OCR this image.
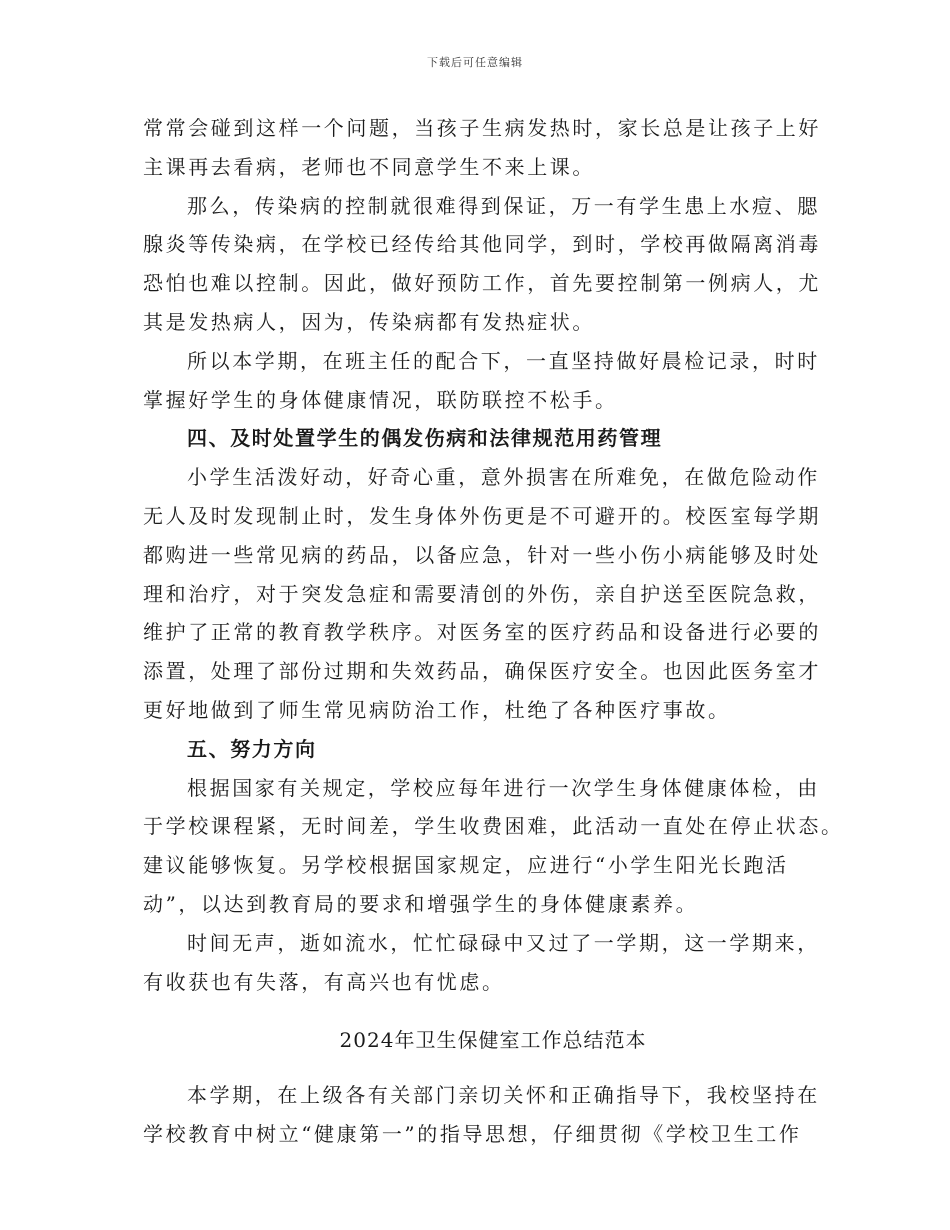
下载后可任意编辑
常常会碰到这样一个问题，当孩子生病发热时，家长总是让孩子上好
主课再去看病，老师也不同意学生不来上课。
那么，传染病的控制就很难得到保证，万一有学生患上水痘、腮
腺炎等传染病，在学校已经传给其他同学，到时，学校再做隔离消毒
恐怕也难以控制。因此，做好预防工作，首先要控制第一例病人，尤
其是发热病人，因为，传染病都有发热症状。
所以本学期，在班主任的配合下，一直坚持做好晨检记录，时时
掌握好学生的身体健康情况，联防联控不松手。
四、及时处置学生的偶发伤病和法律规范用药管理
小学生活泼好动，好奇心重，意外损害在所难免，在做危险动作
无人及时发现制止时，发生身体外伤更是不可避开的。校医室每学期
都购进一些常见病的药品，以备应急，针对一些小伤小病能够及时处
理和治疗，对于突发急症和需要清创的外伤，亲自护送至医院急救，
维护了正常的教育教学秩序。对医务室的医疗药品和设备进行必要的
添置，处理了部份过期和失效药品，确保医疗安全。也因此医务室才
更好地做到了师生常见病防治工作，杜绝了各种医疗事故。
五、努力方向
根据国家有关规定，学校应每年进行一次学生身体健康体检，由
于学校课程紧，无时间差，学生收费困难，此活动一直处在停止状态。
建议能够恢复。另学校根据国家规定，应进行“小学生阳光长跑活
动”，以达到教育局的要求和增强学生的身体健康素养。
时间无声，逝如流水，忙忙碌碌中又过了一学期，这一学期来，
有收获也有失落，有高兴也有忧虑。
2024年卫生保健室工作总结范本
本学期，在上级各有关部门亲切关怀和正确指导下，我校坚持在
学校教育中树立“健康第一”的指导思想，仔细贯彻《学校卫生工作
